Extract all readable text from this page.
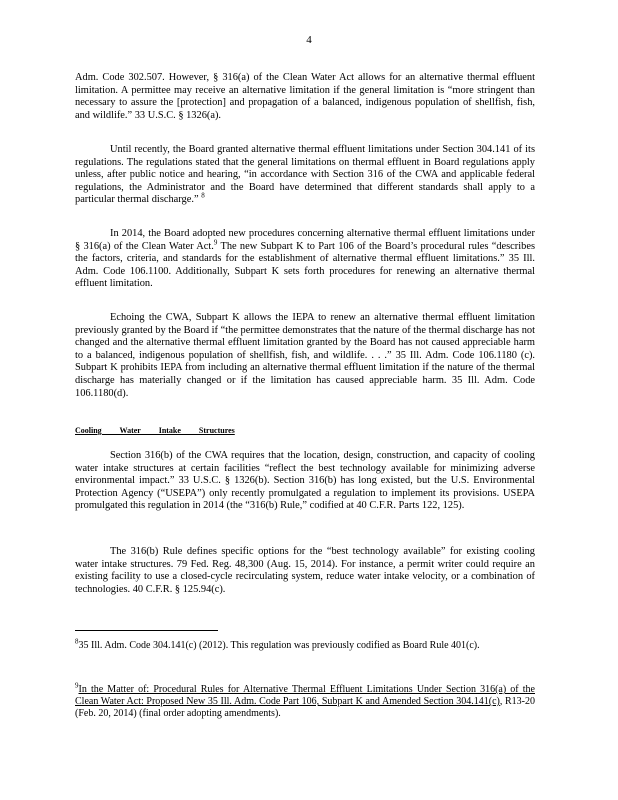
4

Adm. Code 302.507. However, § 316(a) of the Clean Water Act allows for an alternative thermal effluent limitation. A permittee may receive an alternative limitation if the general limitation is “more stringent than necessary to assure the [protection] and propagation of a balanced, indigenous population of shellfish, fish, and wildlife.” 33 U.S.C. § 1326(a).

Until recently, the Board granted alternative thermal effluent limitations under Section 304.141 of its regulations. The regulations stated that the general limitations on thermal effluent in Board regulations apply unless, after public notice and hearing, “in accordance with Section 316 of the CWA and applicable federal regulations, the Administrator and the Board have determined that different standards shall apply to a particular thermal discharge.” $^8$

In 2014, the Board adopted new procedures concerning alternative thermal effluent limitations under § 316(a) of the Clean Water Act.$^9$ The new Subpart K to Part 106 of the Board’s procedural rules “describes the factors, criteria, and standards for the establishment of alternative thermal effluent limitations.” 35 Ill. Adm. Code 106.1100. Additionally, Subpart K sets forth procedures for renewing an alternative thermal effluent limitation.

Echoing the CWA, Subpart K allows the IEPA to renew an alternative thermal effluent limitation previously granted by the Board if “the permittee demonstrates that the nature of the thermal discharge has not changed and the alternative thermal effluent limitation granted by the Board has not caused appreciable harm to a balanced, indigenous population of shellfish, fish, and wildlife. . . .” 35 Ill. Adm. Code 106.1180 (c). Subpart K prohibits IEPA from including an alternative thermal effluent limitation if the nature of the thermal discharge has materially changed or if the limitation has caused appreciable harm. 35 Ill. Adm. Code 106.1180(d).

Cooling Water Intake Structures

Section 316(b) of the CWA requires that the location, design, construction, and capacity of cooling water intake structures at certain facilities “reflect the best technology available for minimizing adverse environmental impact.” 33 U.S.C. § 1326(b). Section 316(b) has long existed, but the U.S. Environmental Protection Agency (“USEPA”) only recently promulgated a regulation to implement its provisions. USEPA promulgated this regulation in 2014 (the “316(b) Rule,” codified at 40 C.F.R. Parts 122, 125).

The 316(b) Rule defines specific options for the “best technology available” for existing cooling water intake structures. 79 Fed. Reg. 48,300 (Aug. 15, 2014). For instance, a permit writer could require an existing facility to use a closed-cycle recirculating system, reduce water intake velocity, or a combination of technologies. 40 C.F.R. § 125.94(c).

$^8$35 Ill. Adm. Code 304.141(c) (2012). This regulation was previously codified as Board Rule 401(c).
$^9$In the Matter of: Procedural Rules for Alternative Thermal Effluent Limitations Under Section 316(a) of the Clean Water Act: Proposed New 35 Ill. Adm. Code Part 106, Subpart K and Amended Section 304.141(c), R13-20 (Feb. 20, 2014) (final order adopting amendments).
